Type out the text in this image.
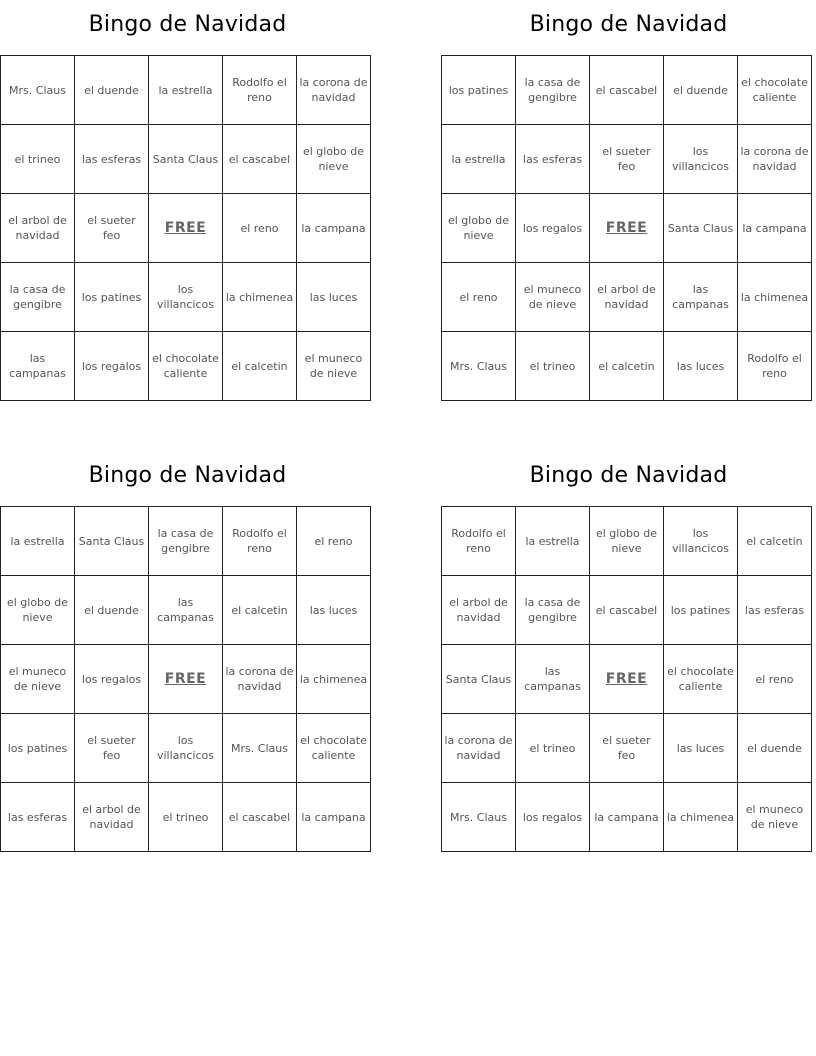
Bingo de Navidad
Mrs. Claus	el duende	la estrella	Rodolfo el reno	la corona de navidad
el trineo	las esferas	Santa Claus	el cascabel	el globo de nieve
el arbol de navidad	el sueter feo	FREE	el reno	la campana
la casa de gengibre	los patines	los villancicos	la chimenea	las luces
las campanas	los regalos	el chocolate caliente	el calcetin	el muneco de nieve
Bingo de Navidad
los patines	la casa de gengibre	el cascabel	el duende	el chocolate caliente
la estrella	las esferas	el sueter feo	los villancicos	la corona de navidad
el globo de nieve	los regalos	FREE	Santa Claus	la campana
el reno	el muneco de nieve	el arbol de navidad	las campanas	la chimenea
Mrs. Claus	el trineo	el calcetin	las luces	Rodolfo el reno
Bingo de Navidad
la estrella	Santa Claus	la casa de gengibre	Rodolfo el reno	el reno
el globo de nieve	el duende	las campanas	el calcetin	las luces
el muneco de nieve	los regalos	FREE	la corona de navidad	la chimenea
los patines	el sueter feo	los villancicos	Mrs. Claus	el chocolate caliente
las esferas	el arbol de navidad	el trineo	el cascabel	la campana
Bingo de Navidad
Rodolfo el reno	la estrella	el globo de nieve	los villancicos	el calcetin
el arbol de navidad	la casa de gengibre	el cascabel	los patines	las esferas
Santa Claus	las campanas	FREE	el chocolate caliente	el reno
la corona de navidad	el trineo	el sueter feo	las luces	el duende
Mrs. Claus	los regalos	la campana	la chimenea	el muneco de nieve
